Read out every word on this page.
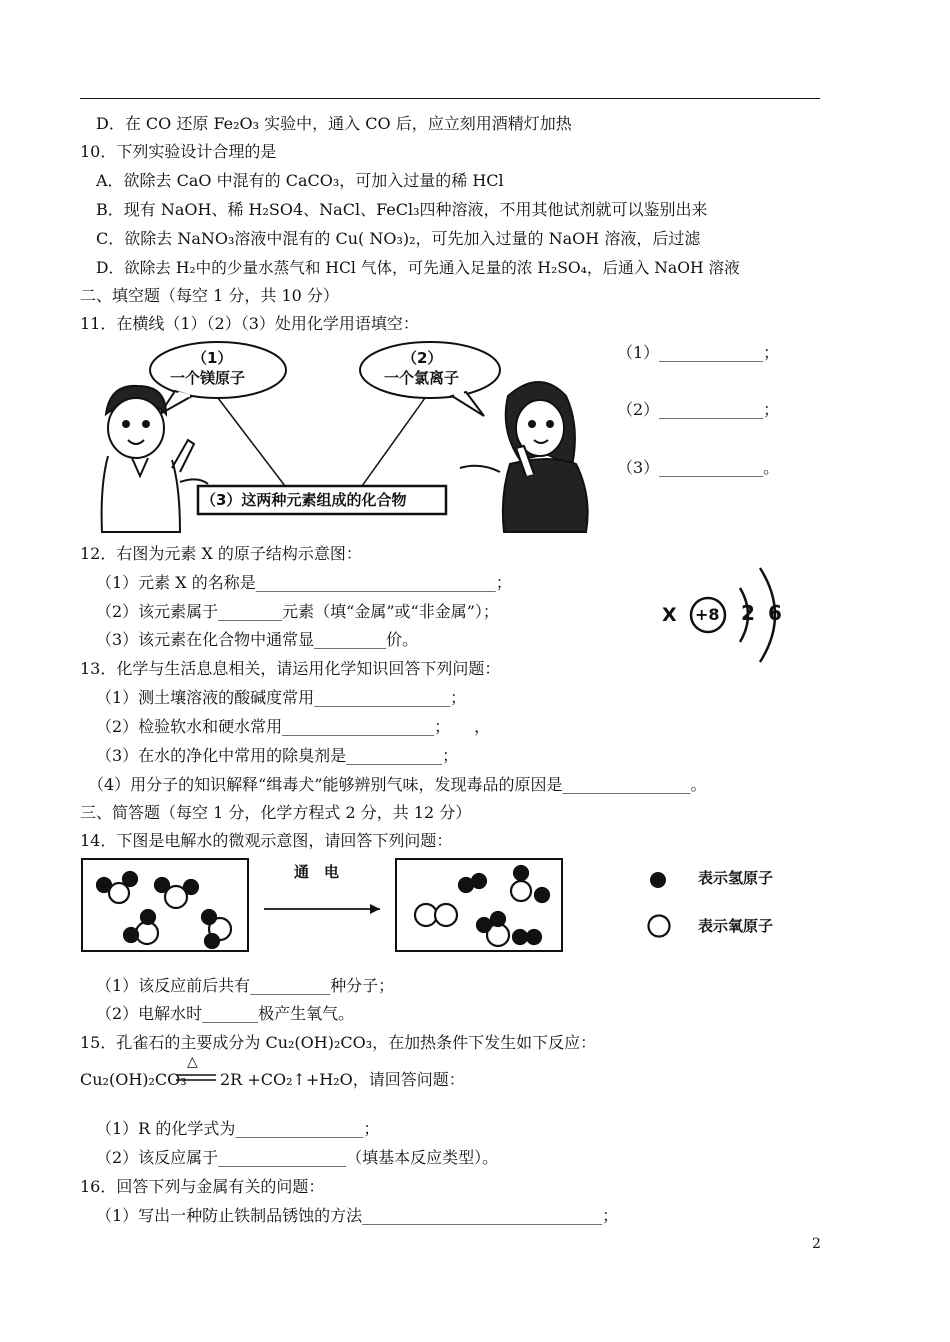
D．在 CO 还原 Fe₂O₃ 实验中，通入 CO 后，应立刻用酒精灯加热
10．下列实验设计合理的是
A．欲除去 CaO 中混有的 CaCO₃，可加入过量的稀 HCl
B．现有 NaOH、稀 H₂SO4、NaCl、FeCl₃四种溶液，不用其他试剂就可以鉴别出来
C．欲除去 NaNO₃溶液中混有的 Cu( NO₃)₂，可先加入过量的 NaOH 溶液，后过滤
D．欲除去 H₂中的少量水蒸气和 HCl 气体，可先通入足量的浓 H₂SO₄，后通入 NaOH 溶液
二、填空题（每空 1 分，共 10 分）
11．在横线（1）（2）（3）处用化学用语填空：
（1）
一个镁原子
（2）
一个氯离子
（3）这两种元素组成的化合物
（1）_____________；
（2）_____________；
（3）_____________。
12．右图为元素 X 的原子结构示意图：
（1）元素 X 的名称是______________________________；
（2）该元素属于________元素（填“金属”或“非金属”）；
（3）该元素在化合物中通常显_________价。
X +8 2 6
13．化学与生活息息相关，请运用化学知识回答下列问题：
（1）测土壤溶液的酸碱度常用_________________；
（2）检验软水和硬水常用___________________；　　，
（3）在水的净化中常用的除臭剂是____________；
（4）用分子的知识解释“缉毒犬”能够辨别气味，发现毒品的原因是________________。
三、简答题（每空 1 分，化学方程式 2 分，共 12 分）
14．下图是电解水的微观示意图，请回答下列问题：
通　电	表示氢原子
表示氧原子
（1）该反应前后共有__________种分子；
（2）电解水时_______极产生氧气。
15．孔雀石的主要成分为 Cu₂(OH)₂CO₃，在加热条件下发生如下反应：
Cu₂(OH)₂CO₃
△
2R +CO₂↑+H₂O，请回答问题：
（1）R 的化学式为________________；
（2）该反应属于________________（填基本反应类型）。
16．回答下列与金属有关的问题：
（1）写出一种防止铁制品锈蚀的方法______________________________；
2
